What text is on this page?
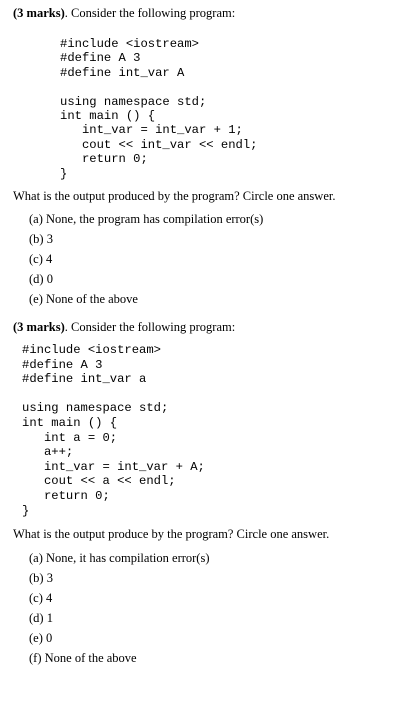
(3 marks). Consider the following program:
#include <iostream>
#define A 3
#define int_var A

using namespace std;
int main () {
int_var = int_var + 1;
cout << int_var << endl;
return 0;
}
What is the output produced by the program? Circle one answer.
(a) None, the program has compilation error(s)
(b) 3
(c) 4
(d) 0
(e) None of the above
(3 marks). Consider the following program:
#include <iostream>
#define A 3
#define int_var a

using namespace std;
int main () {
int a = 0;
a++;
int_var = int_var + A;
cout << a << endl;
return 0;
}
What is the output produce by the program? Circle one answer.
(a) None, it has compilation error(s)
(b) 3
(c) 4
(d) 1
(e) 0
(f) None of the above
